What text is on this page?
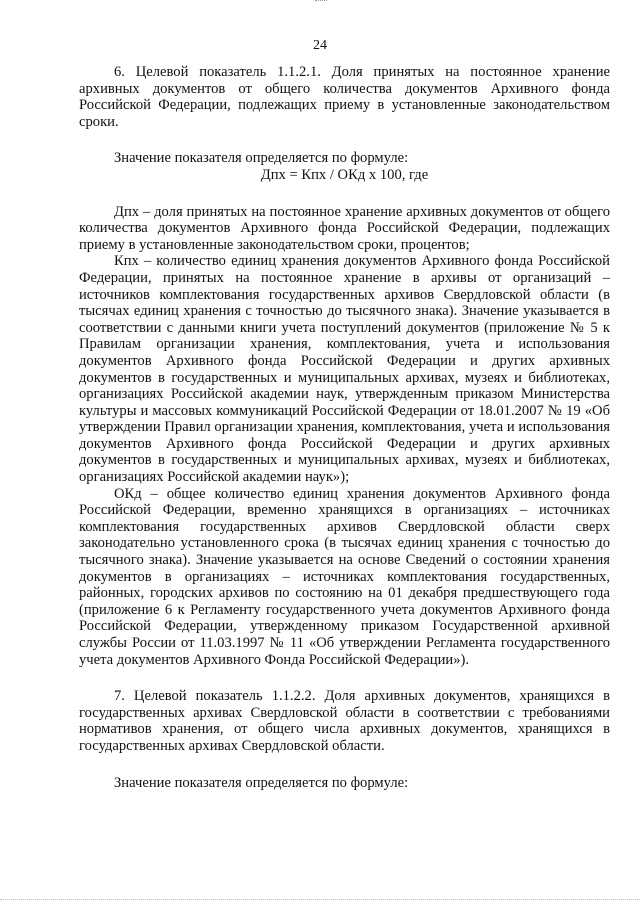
24

6. Целевой показатель 1.1.2.1. Доля принятых на постоянное хранение архивных документов от общего количества документов Архивного фонда Российской Федерации, подлежащих приему в установленные законодательством сроки.

Значение показателя определяется по формуле:

Дпх = Кпх / ОКд х 100, где

Дпх – доля принятых на постоянное хранение архивных документов от общего количества документов Архивного фонда Российской Федерации, подлежащих приему в установленные законодательством сроки, процентов;

Кпх – количество единиц хранения документов Архивного фонда Российской Федерации, принятых на постоянное хранение в архивы от организаций – источников комплектования государственных архивов Свердловской области (в тысячах единиц хранения с точностью до тысячного знака). Значение указывается в соответствии с данными книги учета поступлений документов (приложение № 5 к Правилам организации хранения, комплектования, учета и использования документов Архивного фонда Российской Федерации и других архивных документов в государственных и муниципальных архивах, музеях и библиотеках, организациях Российской академии наук, утвержденным приказом Министерства культуры и массовых коммуникаций Российской Федерации от 18.01.2007 № 19 «Об утверждении Правил организации хранения, комплектования, учета и использования документов Архивного фонда Российской Федерации и других архивных документов в государственных и муниципальных архивах, музеях и библиотеках, организациях Российской академии наук»);

ОКд – общее количество единиц хранения документов Архивного фонда Российской Федерации, временно хранящихся в организациях – источниках комплектования государственных архивов Свердловской области сверх законодательно установленного срока (в тысячах единиц хранения с точностью до тысячного знака). Значение указывается на основе Сведений о состоянии хранения документов в организациях – источниках комплектования государственных, районных, городских архивов по состоянию на 01 декабря предшествующего года (приложение 6 к Регламенту государственного учета документов Архивного фонда Российской Федерации, утвержденному приказом Государственной архивной службы России от 11.03.1997 № 11 «Об утверждении Регламента государственного учета документов Архивного Фонда Российской Федерации»).

7. Целевой показатель 1.1.2.2. Доля архивных документов, хранящихся в государственных архивах Свердловской области в соответствии с требованиями нормативов хранения, от общего числа архивных документов, хранящихся в государственных архивах Свердловской области.

Значение показателя определяется по формуле:
